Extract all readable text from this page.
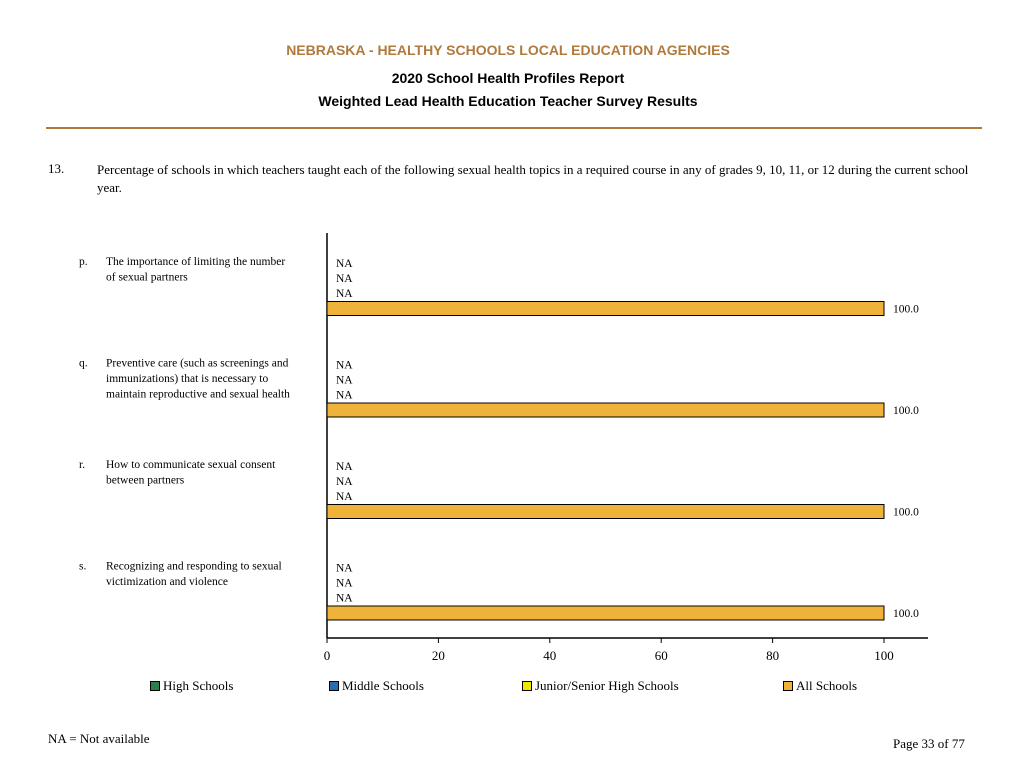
NEBRASKA - HEALTHY SCHOOLS LOCAL EDUCATION AGENCIES
2020 School Health Profiles Report
Weighted Lead Health Education Teacher Survey Results
13.	Percentage of schools in which teachers taught each of the following sexual health topics in a required course in any of grades 9, 10, 11, or 12 during the current school year.
0	20	40	60	80	100
p. The importance of limiting the number
of sexual partners
NA
NA
NA
100.0
q. Preventive care (such as screenings and
immunizations) that is necessary to
maintain reproductive and sexual health
NA
NA
NA
100.0
r. How to communicate sexual consent
between partners
NA
NA
NA
100.0
s. Recognizing and responding to sexual
victimization and violence
NA
NA
NA
100.0
High Schools	Middle Schools	Junior/Senior High Schools	All Schools
NA = Not available	Page 33 of 77
